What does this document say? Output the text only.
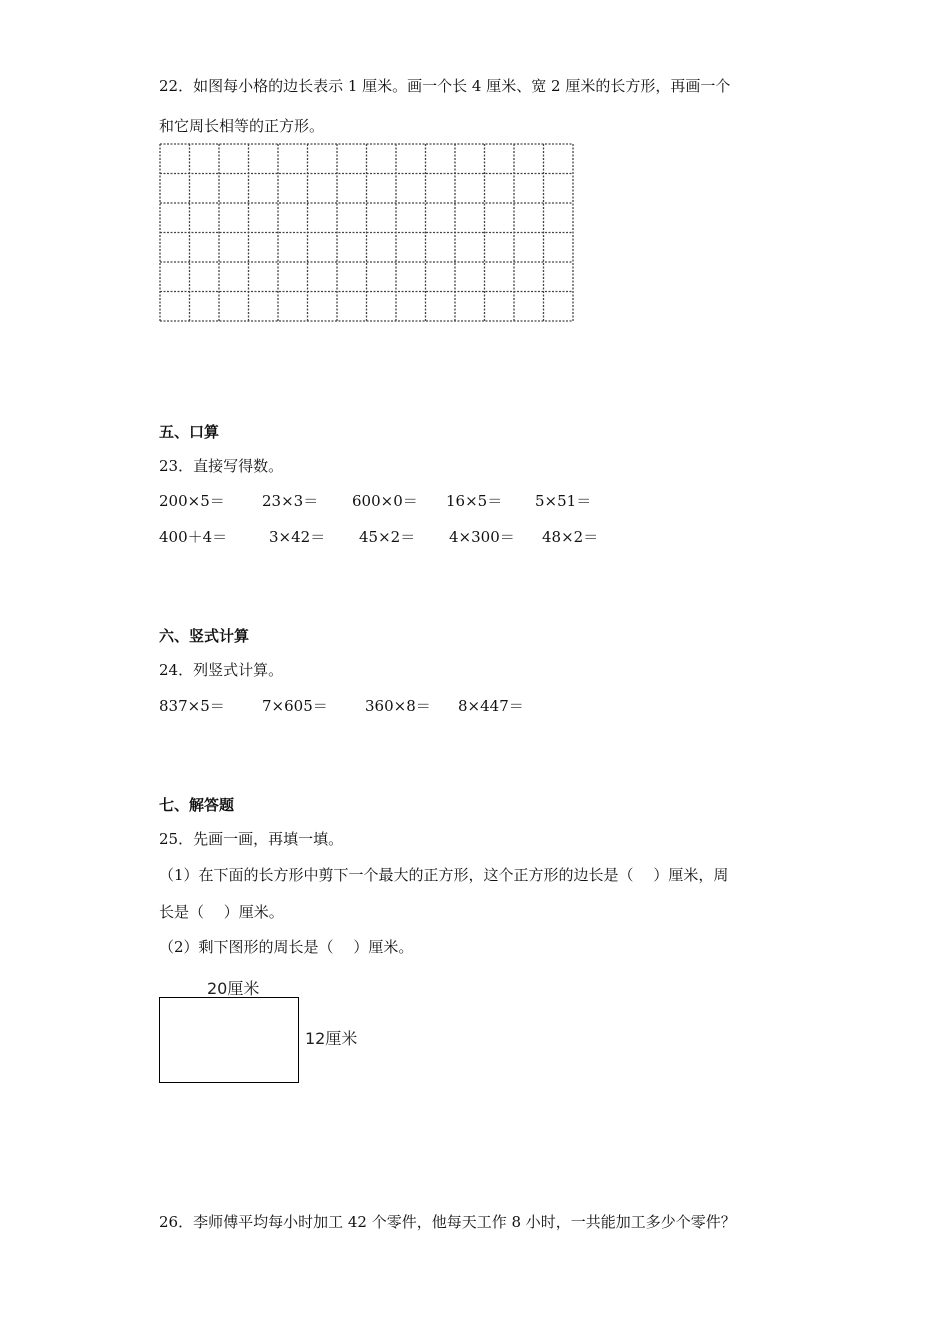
22．如图每小格的边长表示 1 厘米。画一个长 4 厘米、宽 2 厘米的长方形，再画一个
和它周长相等的正方形。
五、口算
23．直接写得数。
200×5＝ 23×3＝ 600×0＝ 16×5＝ 5×51＝
400＋4＝	3×42＝ 45×2＝ 4×300＝ 48×2＝
六、竖式计算
24．列竖式计算。
837×5＝ 7×605＝ 360×8＝ 8×447＝
七、解答题
25．先画一画，再填一填。
（1）在下面的长方形中剪下一个最大的正方形，这个正方形的边长是（　 ）厘米，周
长是（　 ）厘米。
（2）剩下图形的周长是（　 ）厘米。
20厘米
12厘米
26．李师傅平均每小时加工 42 个零件，他每天工作 8 小时，一共能加工多少个零件？
